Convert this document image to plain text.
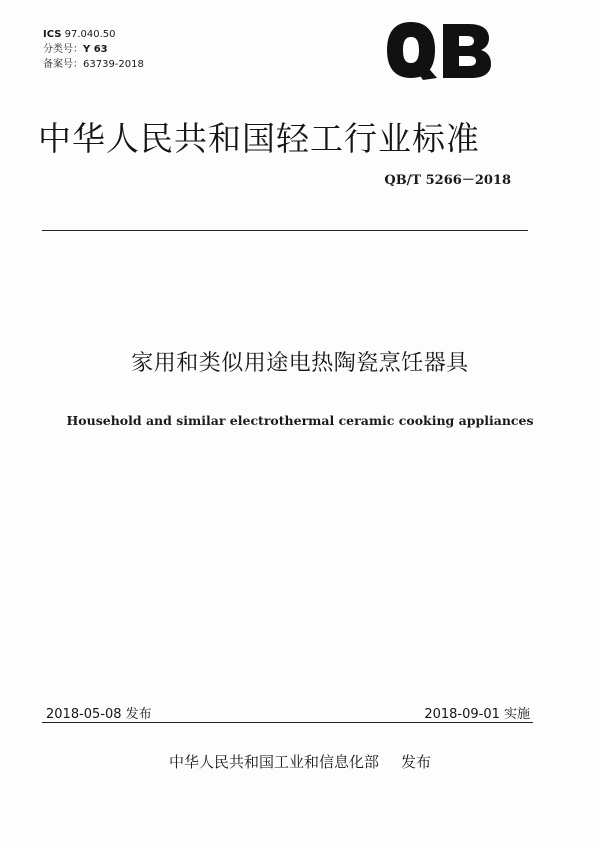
ICS 97.040.50
分类号：Y 63
备案号：63739-2018
中华人民共和国轻工行业标准
QB/T 5266－2018
家用和类似用途电热陶瓷烹饪器具
Household and similar electrothermal ceramic cooking appliances
2018-05-08 发布	2018-09-01 实施
中华人民共和国工业和信息化部 发布
